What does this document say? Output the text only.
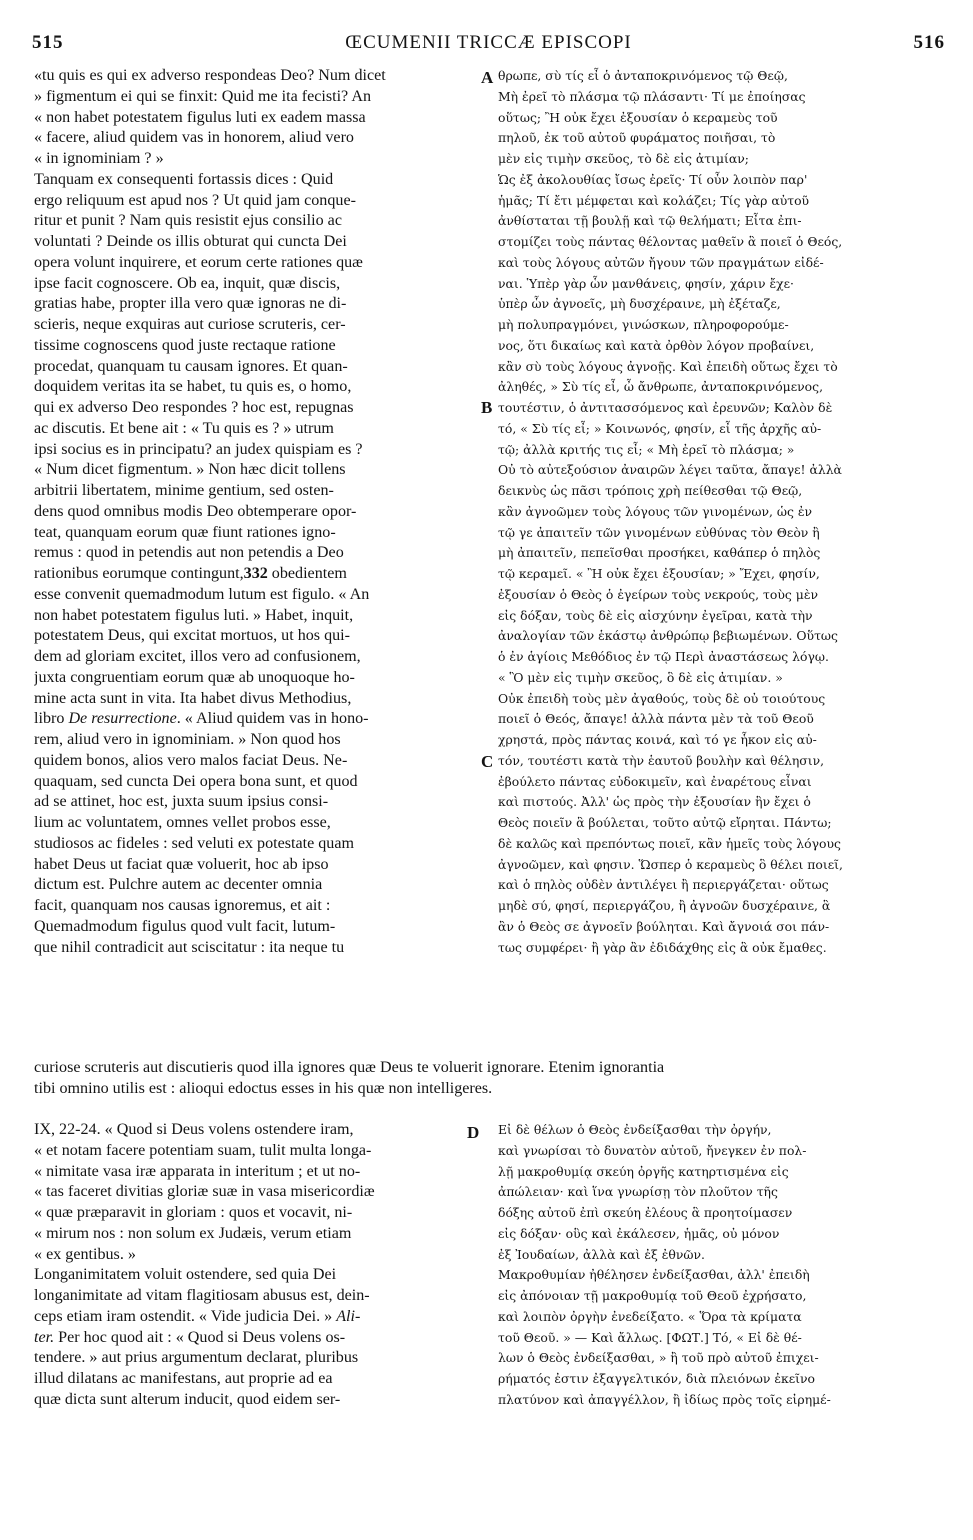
515	ŒCUMENII TRICCÆ EPISCOPI	516
A
B
C
D
«tu quis es qui ex adverso respondeas Deo? Num dicet
» figmentum ei qui se finxit: Quid me ita fecisti? An
« non habet potestatem figulus luti ex eadem massa
« facere, aliud quidem vas in honorem, aliud vero
« in ignominiam ? »
Tanquam ex consequenti fortassis dices : Quid
ergo reliquum est apud nos ? Ut quid jam conque-
ritur et punit ? Nam quis resistit ejus consilio ac
voluntati ? Deinde os illis obturat qui cuncta Dei
opera volunt inquirere, et eorum certe rationes quæ
ipse facit cognoscere. Ob ea, inquit, quæ discis,
gratias habe, propter illa vero quæ ignoras ne di-
scieris, neque exquiras aut curiose scruteris, cer-
tissime cognoscens quod juste rectaque ratione
procedat, quanquam tu causam ignores. Et quan-
doquidem veritas ita se habet, tu quis es, o homo,
qui ex adverso Deo respondes ? hoc est, repugnas
ac discutis. Et bene ait : « Tu quis es ? » utrum
ipsi socius es in principatu? an judex quispiam es ?
« Num dicet figmentum. » Non hæc dicit tollens
arbitrii libertatem, minime gentium, sed osten-
dens quod omnibus modis Deo obtemperare opor-
teat, quanquam eorum quæ fiunt rationes igno-
remus : quod in petendis aut non petendis a Deo
rationibus eorumque contingunt,332 obedientem
esse convenit quemadmodum lutum est figulo. « An
non habet potestatem figulus luti. » Habet, inquit,
potestatem Deus, qui excitat mortuos, ut hos qui-
dem ad gloriam excitet, illos vero ad confusionem,
juxta congruentiam eorum quæ ab unoquoque ho-
mine acta sunt in vita. Ita habet divus Methodius,
libro De resurrectione. « Aliud quidem vas in hono-
rem, aliud vero in ignominiam. » Non quod hos
quidem bonos, alios vero malos faciat Deus. Ne-
quaquam, sed cuncta Dei opera bona sunt, et quod
ad se attinet, hoc est, juxta suum ipsius consi-
lium ac voluntatem, omnes vellet probos esse,
studiosos ac fideles : sed veluti ex potestate quam
habet Deus ut faciat quæ voluerit, hoc ab ipso
dictum est. Pulchre autem ac decenter omnia
facit, quanquam nos causas ignoremus, et ait :
Quemadmodum figulus quod vult facit, lutum-
que nihil contradicit aut sciscitatur : ita neque tu
θρωπε, σὺ τίς εἶ ὁ ἀνταποκρινόμενος τῷ Θεῷ,
Μὴ ἐρεῖ τὸ πλάσμα τῷ πλάσαντι· Τί με ἐποίησας
οὕτως; Ἢ οὐκ ἔχει ἐξουσίαν ὁ κεραμεὺς τοῦ
πηλοῦ, ἐκ τοῦ αὐτοῦ φυράματος ποιῆσαι, τὸ
μὲν εἰς τιμὴν σκεῦος, τὸ δὲ εἰς ἀτιμίαν;
Ὡς ἐξ ἀκολουθίας ἴσως ἐρεῖς· Τί οὖν λοιπὸν παρ'
ἡμᾶς; Τί ἔτι μέμφεται καὶ κολάζει; Τίς γὰρ αὐτοῦ
ἀνθίσταται τῇ βουλῇ καὶ τῷ θελήματι; Εἶτα ἐπι-
στομίζει τοὺς πάντας θέλοντας μαθεῖν ἃ ποιεῖ ὁ Θεός,
καὶ τοὺς λόγους αὐτῶν ἤγουν τῶν πραγμάτων εἰδέ-
ναι. Ὑπὲρ γὰρ ὧν μανθάνεις, φησίν, χάριν ἔχε·
ὑπὲρ ὧν ἀγνοεῖς, μὴ δυσχέραινε, μὴ ἐξέταζε,
μὴ πολυπραγμόνει, γινώσκων, πληροφορούμε-
νος, ὅτι δικαίως καὶ κατὰ ὀρθὸν λόγον προβαίνει,
κἂν σὺ τοὺς λόγους ἀγνοῇς. Καὶ ἐπειδὴ οὕτως ἔχει τὸ
ἀληθές, » Σὺ τίς εἶ, ὦ ἄνθρωπε, ἀνταποκρινόμενος,
τουτέστιν, ὁ ἀντιτασσόμενος καὶ ἐρευνῶν; Καλὸν δὲ
τό, « Σὺ τίς εἶ; » Κοινωνός, φησίν, εἶ τῆς ἀρχῆς αὐ-
τῷ; ἀλλὰ κριτής τις εἶ; « Μὴ ἐρεῖ τὸ πλάσμα; »
Οὐ τὸ αὐτεξούσιον ἀναιρῶν λέγει ταῦτα, ἄπαγε! ἀλλὰ
δεικνὺς ὡς πᾶσι τρόποις χρὴ πείθεσθαι τῷ Θεῷ,
κἂν ἀγνοῶμεν τοὺς λόγους τῶν γινομένων, ὡς ἐν
τῷ γε ἀπαιτεῖν τῶν γινομένων εὐθύνας τὸν Θεὸν ἢ
μὴ ἀπαιτεῖν, πεπεῖσθαι προσήκει, καθάπερ ὁ πηλὸς
τῷ κεραμεῖ. « Ἢ οὐκ ἔχει ἐξουσίαν; » Ἔχει, φησίν,
ἐξουσίαν ὁ Θεὸς ὁ ἐγείρων τοὺς νεκρούς, τοὺς μὲν
εἰς δόξαν, τοὺς δὲ εἰς αἰσχύνην ἐγεῖραι, κατὰ τὴν
ἀναλογίαν τῶν ἑκάστῳ ἀνθρώπῳ βεβιωμένων. Οὕτως
ὁ ἐν ἁγίοις Μεθόδιος ἐν τῷ Περὶ ἀναστάσεως λόγῳ.
« Ὃ μὲν εἰς τιμὴν σκεῦος, ὃ δὲ εἰς ἀτιμίαν. »
Οὐκ ἐπειδὴ τοὺς μὲν ἀγαθούς, τοὺς δὲ οὐ τοιούτους
ποιεῖ ὁ Θεός, ἄπαγε! ἀλλὰ πάντα μὲν τὰ τοῦ Θεοῦ
χρηστά, πρὸς πάντας κοινά, καὶ τό γε ἧκον εἰς αὐ-
τόν, τουτέστι κατὰ τὴν ἑαυτοῦ βουλὴν καὶ θέλησιν,
ἐβούλετο πάντας εὐδοκιμεῖν, καὶ ἐναρέτους εἶναι
καὶ πιστούς. Ἀλλ' ὡς πρὸς τὴν ἐξουσίαν ἣν ἔχει ὁ
Θεὸς ποιεῖν ἃ βούλεται, τοῦτο αὐτῷ εἴρηται. Πάντω;
δὲ καλῶς καὶ πρεπόντως ποιεῖ, κἂν ἡμεῖς τοὺς λόγους
ἀγνοῶμεν, καὶ φησιν. Ὥσπερ ὁ κεραμεὺς ὃ θέλει ποιεῖ,
καὶ ὁ πηλὸς οὐδὲν ἀντιλέγει ἢ περιεργάζεται· οὕτως
μηδὲ σύ, φησί, περιεργάζου, ἢ ἀγνοῶν δυσχέραινε, ἃ
ἂν ὁ Θεὸς σε ἀγνοεῖν βούληται. Καὶ ἄγνοιά σοι πάν-
τως συμφέρει· ἢ γὰρ ἂν ἐδιδάχθης εἰς ἃ οὐκ ἔμαθες.
curiose scruteris aut discutieris quod illa ignores quæ Deus te voluerit ignorare. Etenim ignorantia
tibi omnino utilis est : alioqui edoctus esses in his quæ non intelligeres.
IX, 22-24. « Quod si Deus volens ostendere iram,
« et notam facere potentiam suam, tulit multa longa-
« nimitate vasa iræ apparata in interitum ; et ut no-
« tas faceret divitias gloriæ suæ in vasa misericordiæ
« quæ præparavit in gloriam : quos et vocavit, ni-
« mirum nos : non solum ex Judæis, verum etiam
« ex gentibus. »
Longanimitatem voluit ostendere, sed quia Dei
longanimitate ad vitam flagitiosam abusus est, dein-
ceps etiam iram ostendit. « Vide judicia Dei. » Ali-
ter. Per hoc quod ait : « Quod si Deus volens os-
tendere. » aut prius argumentum declarat, pluribus
illud dilatans ac manifestans, aut proprie ad ea
quæ dicta sunt alterum inducit, quod eidem ser-
Εἰ δὲ θέλων ὁ Θεὸς ἐνδείξασθαι τὴν ὀργήν,
καὶ γνωρίσαι τὸ δυνατὸν αὐτοῦ, ἤνεγκεν ἐν πολ-
λῇ μακροθυμίᾳ σκεύη ὀργῆς κατηρτισμένα εἰς
ἀπώλειαν· καὶ ἵνα γνωρίσῃ τὸν πλοῦτον τῆς
δόξης αὐτοῦ ἐπὶ σκεύη ἐλέους ἃ προητοίμασεν
εἰς δόξαν· οὓς καὶ ἐκάλεσεν, ἡμᾶς, οὐ μόνον
ἐξ Ἰουδαίων, ἀλλὰ καὶ ἐξ ἐθνῶν.
Μακροθυμίαν ἠθέλησεν ἐνδείξασθαι, ἀλλ' ἐπειδὴ
εἰς ἀπόνοιαν τῇ μακροθυμίᾳ τοῦ Θεοῦ ἐχρήσατο,
καὶ λοιπὸν ὀργὴν ἐνεδείξατο. « Ὅρα τὰ κρίματα
τοῦ Θεοῦ. » — Καὶ ἄλλως. [ΦΩΤ.] Τό, « Εἰ δὲ θέ-
λων ὁ Θεὸς ἐνδείξασθαι, » ἢ τοῦ πρὸ αὐτοῦ ἐπιχει-
ρήματός ἐστιν ἐξαγγελτικόν, διὰ πλειόνων ἐκεῖνο
πλατύνον καὶ ἀπαγγέλλον, ἢ ἰδίως πρὸς τοῖς εἰρημέ-
